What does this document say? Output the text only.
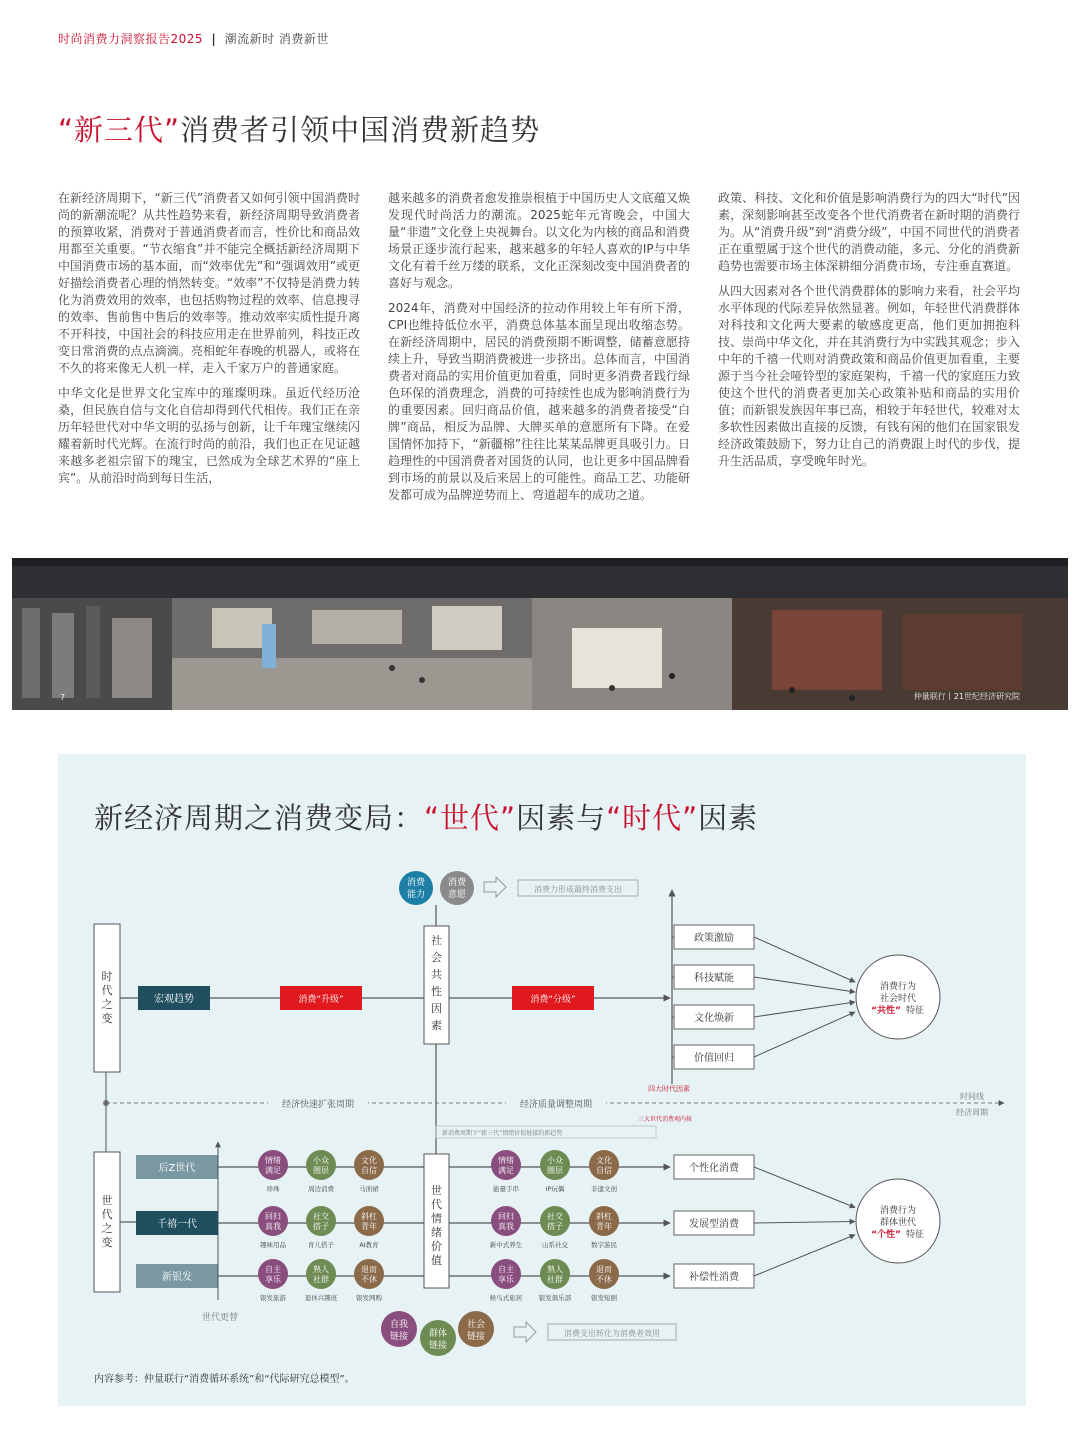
时尚消费力洞察报告2025 | 潮流新时 消费新世
“新三代”消费者引领中国消费新趋势

在新经济周期下，“新三代”消费者又如何引领中国消费时尚的新潮流呢？从共性趋势来看，新经济周期导致消费者的预算收紧，消费对于普通消费者而言，性价比和商品效用都至关重要。“节衣缩食”并不能完全概括新经济周期下中国消费市场的基本面，而“效率优先”和“强调效用”或更好描绘消费者心理的悄然转变。“效率”不仅特是消费力转化为消费效用的效率，也包括购物过程的效率、信息搜寻的效率、售前售中售后的效率等。推动效率实质性提升离不开科技，中国社会的科技应用走在世界前列，科技正改变日常消费的点点滴滴。亮相蛇年春晚的机器人，或将在不久的将来像无人机一样，走入千家万户的普通家庭。

中华文化是世界文化宝库中的璀璨明珠。虽近代经历沧桑，但民族自信与文化自信却得到代代相传。我们正在亲历年轻世代对中华文明的弘扬与创新，让千年瑰宝继续闪耀着新时代光辉。在流行时尚的前沿，我们也正在见证越来越多老祖宗留下的瑰宝，已然成为全球艺术界的“座上宾”。从前沿时尚到每日生活，

越来越多的消费者愈发推崇根植于中国历史人文底蕴又焕发现代时尚活力的潮流。2025蛇年元宵晚会，中国大量“非遗”文化登上央视舞台。以文化为内核的商品和消费场景正逐步流行起来，越来越多的年轻人喜欢的IP与中华文化有着千丝万缕的联系，文化正深刻改变中国消费者的喜好与观念。

2024年，消费对中国经济的拉动作用较上年有所下滑，CPI也维持低位水平，消费总体基本面呈现出收缩态势。在新经济周期中，居民的消费预期不断调整，储蓄意愿持续上升，导致当期消费被进一步挤出。总体而言，中国消费者对商品的实用价值更加看重，同时更多消费者践行绿色环保的消费理念，消费的可持续性也成为影响消费行为的重要因素。回归商品价值，越来越多的消费者接受“白牌”商品，相反为品牌、大牌买单的意愿所有下降。在爱国情怀加持下，“新疆棉”往往比某某品牌更具吸引力。日趋理性的中国消费者对国货的认同，也让更多中国品牌看到市场的前景以及后来居上的可能性。商品工艺、功能研发都可成为品牌逆势而上、弯道超车的成功之道。

政策、科技、文化和价值是影响消费行为的四大“时代”因素，深刻影响甚至改变各个世代消费者在新时期的消费行为。从“消费升级”到“消费分级”，中国不同世代的消费者正在重塑属于这个世代的消费动能，多元、分化的消费新趋势也需要市场主体深耕细分消费市场，专注垂直赛道。

从四大因素对各个世代消费群体的影响力来看，社会平均水平体现的代际差异依然显著。例如，年轻世代消费群体对科技和文化两大要素的敏感度更高，他们更加拥抱科技、崇尚中华文化，并在其消费行为中实践其观念；步入中年的千禧一代则对消费政策和商品价值更加看重，主要源于当今社会哑铃型的家庭架构，千禧一代的家庭压力致使这个世代的消费者更加关心政策补贴和商品的实用价值；而新银发族因年事已高，相较于年轻世代，较难对太多软性因素做出直接的反馈，有钱有闲的他们在国家银发经济政策鼓励下，努力让自己的消费跟上时代的步伐，提升生活品质，享受晚年时光。

7	仲量联行丨21世纪经济研究院
新经济周期之消费变局：“世代”因素与“时代”因素
消费
能力
消费
意愿
消费力形成最终消费支出
社
会
共
性
因
素
时
代
之
变
世
代
之
变
宏观趋势	消费“升级”	消费“分级”
政策激励
科技赋能
文化焕新
价值回归
四大时代因素
消费行为
社会时代
“共性” 特征
经济快速扩张周期	经济质量调整周期
时间线
经济周期
三大世代消费观内核
新消费周期下“新三代”情绪价值链接的新趋势
世代更替
世
代
情
绪
价
值
后Z世代
情绪
满足
珍珠
小众
圈层
周边消费
文化
自信
马面裙
情绪
满足
能量手串
小众
圈层
IP玩偶
文化
自信
非遗文创
个性化消费
千禧一代
回归
真我
趣味用品
社交
搭子
育儿搭子
斜杠
青年
AI教育
回归
真我
新中式养生
社交
搭子
山系社交
斜杠
青年
数字游民
发展型消费
新银发
自主
享乐
银发旅游
熟人
社群
退休兴趣班
退而
不休
银发网购
自主
享乐
候鸟式旅居
熟人
社群
银发俱乐部
退而
不休
银发短剧
补偿性消费
消费行为
群体世代
“个性” 特征
自我
链接 群体
链接
社会
链接	消费支出转化为消费者效用
内容参考：仲量联行“消费循环系统”和“代际研究总模型”。
